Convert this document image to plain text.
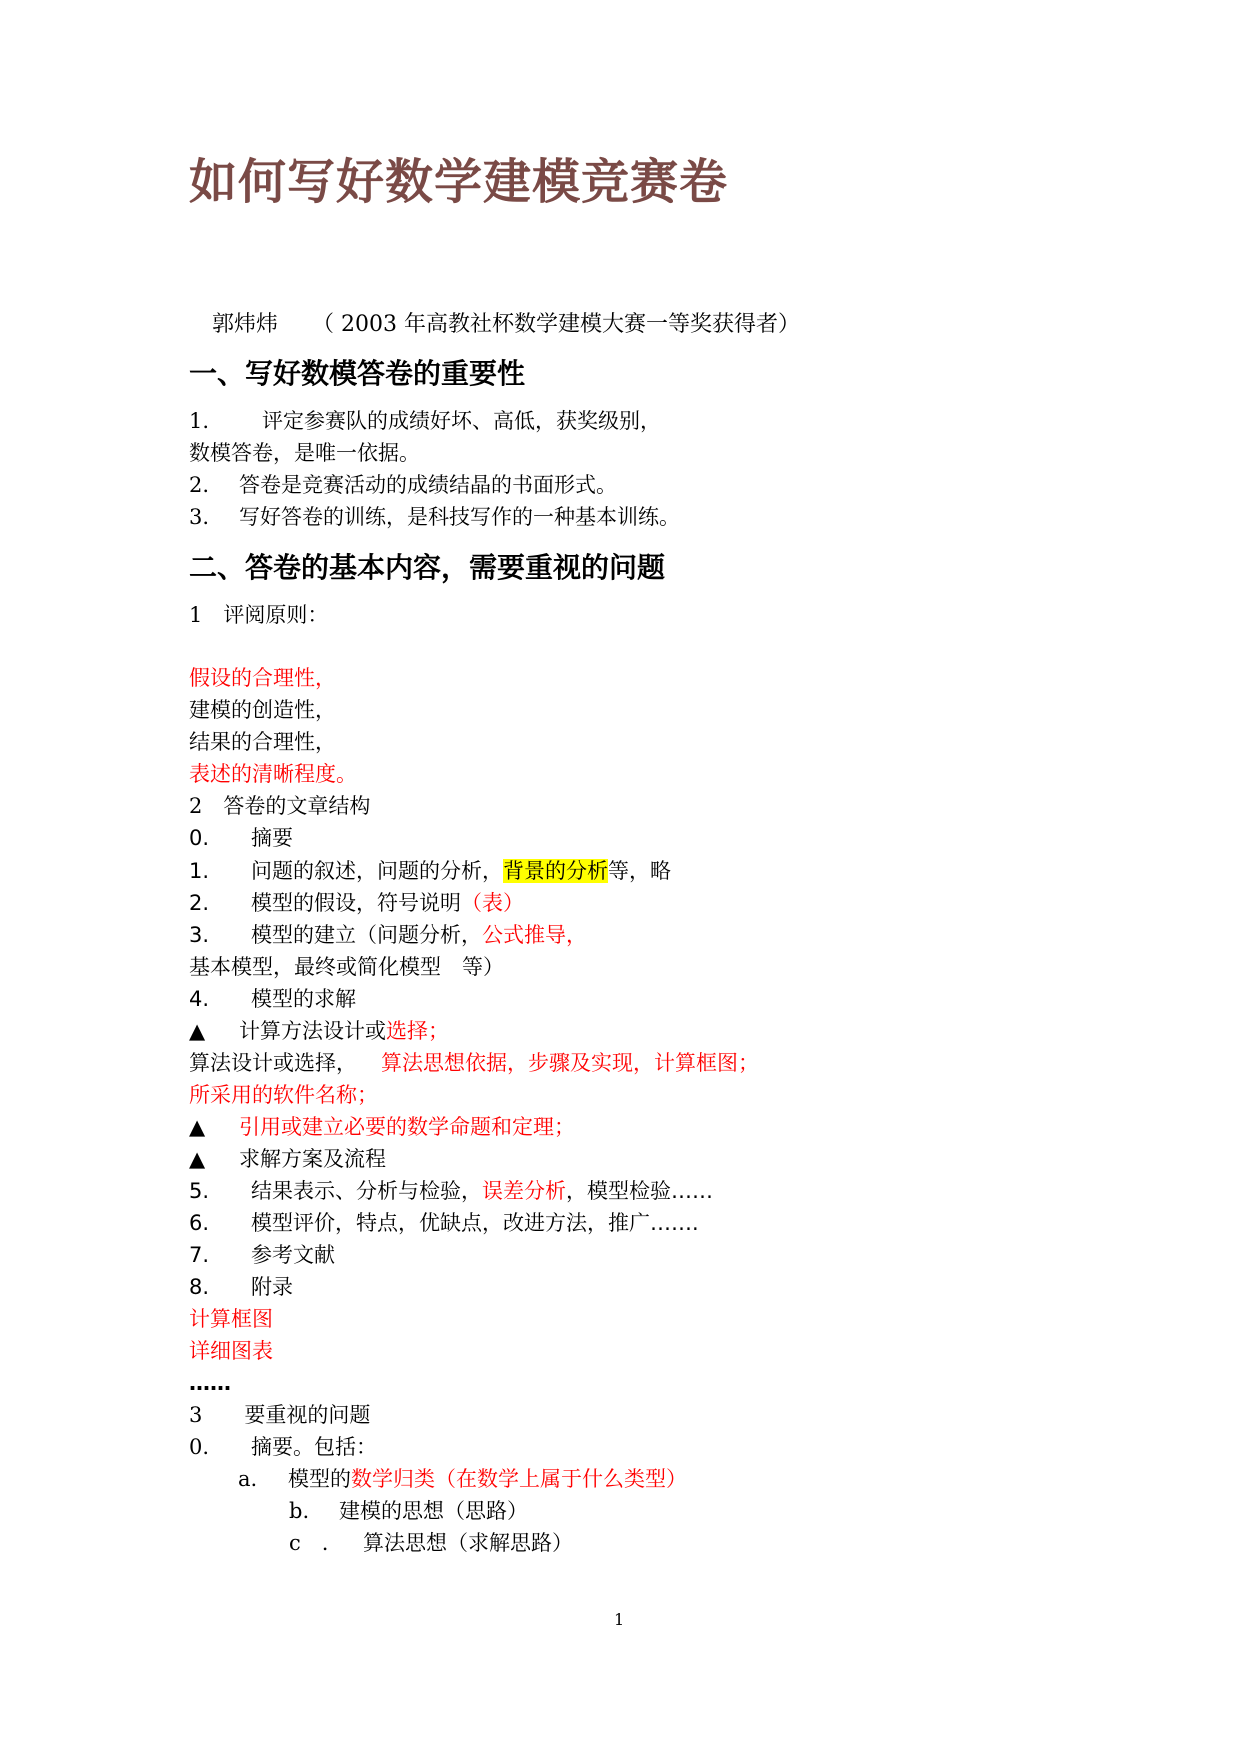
如何写好数学建模竞赛卷
郭炜炜 （ 2003 年高教社杯数学建模大赛一等奖获得者）
一、写好数模答卷的重要性
1.	评定参赛队的成绩好坏、高低，获奖级别，
数模答卷，是唯一依据。
2. 答卷是竞赛活动的成绩结晶的书面形式。
3. 写好答卷的训练，是科技写作的一种基本训练。
二、答卷的基本内容，需要重视的问题
1　评阅原则：
假设的合理性，
建模的创造性，
结果的合理性，
表述的清晰程度。
2　答卷的文章结构
0. 摘要
1. 问题的叙述，问题的分析，背景的分析等，略
2. 模型的假设，符号说明（表）
3. 模型的建立（问题分析，公式推导，
基本模型，最终或简化模型　等）
4. 模型的求解
▲ 计算方法设计或选择；
算法设计或选择， 算法思想依据，步骤及实现，计算框图；
所采用的软件名称；
▲ 引用或建立必要的数学命题和定理；
▲ 求解方案及流程
5. 结果表示、分析与检验，误差分析，模型检验……
6. 模型评价，特点，优缺点，改进方法，推广…….
7. 参考文献
8. 附录
计算框图
详细图表
……
3　　要重视的问题
0. 摘要。包括：
a. 模型的数学归类（在数学上属于什么类型）
b. 建模的思想（思路）
c　. 算法思想（求解思路）
1
